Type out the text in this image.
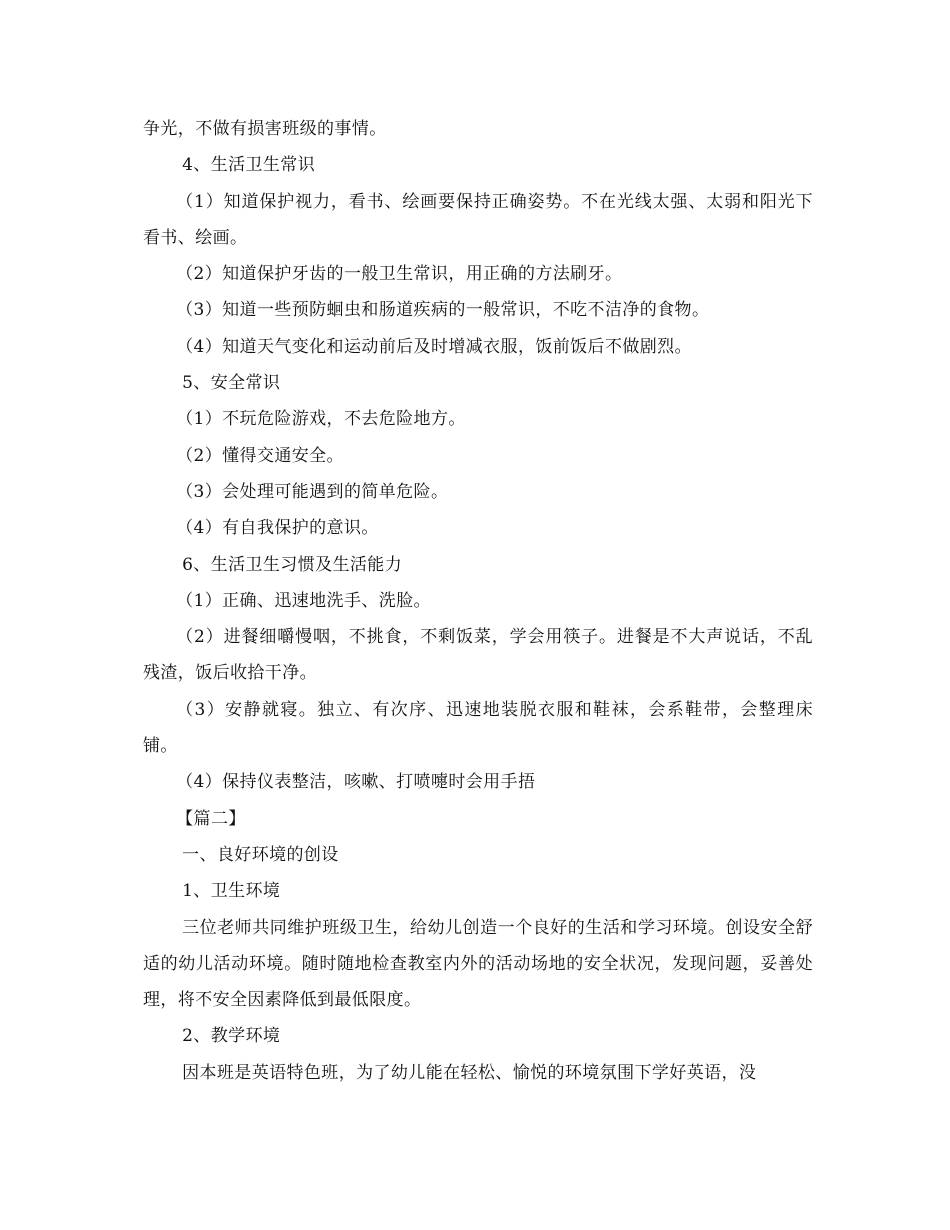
争光，不做有损害班级的事情。

4、生活卫生常识

（1）知道保护视力，看书、绘画要保持正确姿势。不在光线太强、太弱和阳光下看书、绘画。

（2）知道保护牙齿的一般卫生常识，用正确的方法刷牙。

（3）知道一些预防蛔虫和肠道疾病的一般常识，不吃不洁净的食物。

（4）知道天气变化和运动前后及时增减衣服，饭前饭后不做剧烈。

5、安全常识

（1）不玩危险游戏，不去危险地方。

（2）懂得交通安全。

（3）会处理可能遇到的简单危险。

（4）有自我保护的意识。

6、生活卫生习惯及生活能力

（1）正确、迅速地洗手、洗脸。

（2）进餐细嚼慢咽，不挑食，不剩饭菜，学会用筷子。进餐是不大声说话，不乱残渣，饭后收拾干净。

（3）安静就寝。独立、有次序、迅速地装脱衣服和鞋袜，会系鞋带，会整理床铺。

（4）保持仪表整洁，咳嗽、打喷嚏时会用手捂

【篇二】

一、良好环境的创设

1、卫生环境

三位老师共同维护班级卫生，给幼儿创造一个良好的生活和学习环境。创设安全舒适的幼儿活动环境。随时随地检查教室内外的活动场地的安全状况，发现问题，妥善处理，将不安全因素降低到最低限度。

2、教学环境

因本班是英语特色班，为了幼儿能在轻松、愉悦的环境氛围下学好英语，没
